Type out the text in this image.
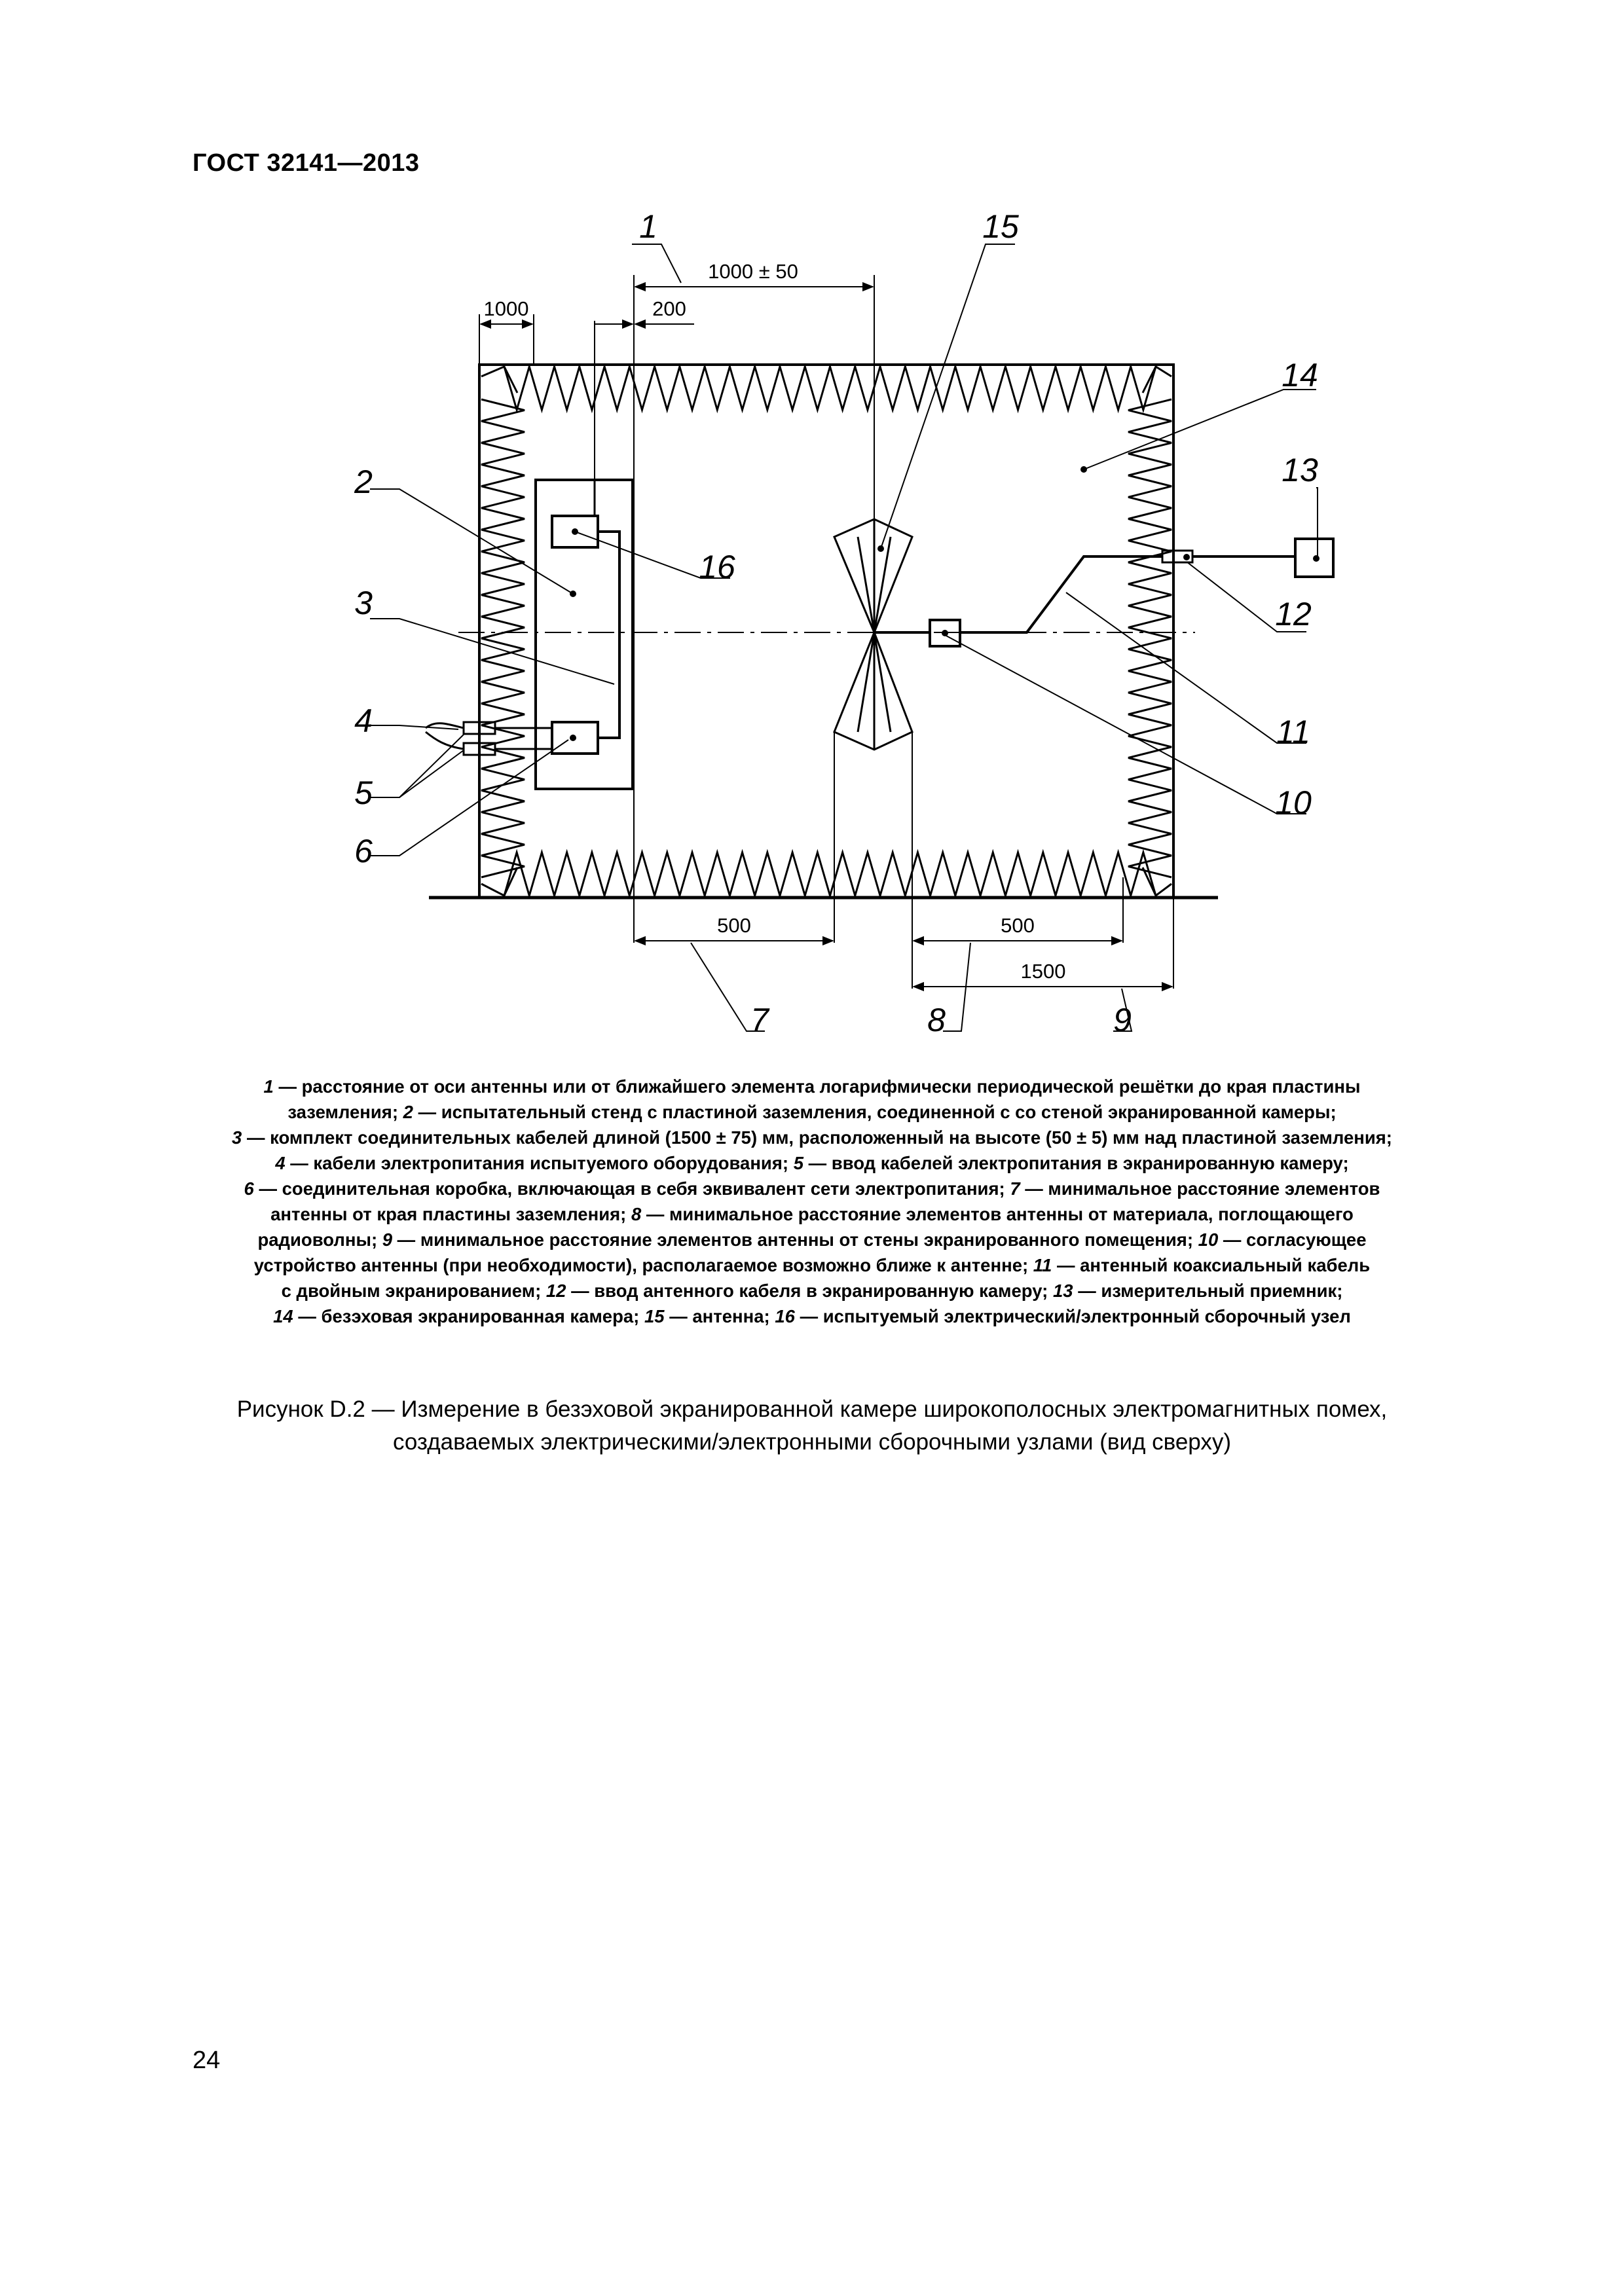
ГОСТ 32141—2013
1000 ± 50
1000	200
500	500
1500
1
2
3
4
5
6
7	8	9
10
11
12
13
14
15
16
1 — расстояние от оси антенны или от ближайшего элемента логарифмически периодической решётки до края пластины
заземления; 2 — испытательный стенд с пластиной заземления, соединенной с со стеной экранированной камеры;
3 — комплект соединительных кабелей длиной (1500 ± 75) мм, расположенный на высоте (50 ± 5) мм над пластиной заземления;
4 — кабели электропитания испытуемого оборудования; 5 — ввод кабелей электропитания в экранированную камеру;
6 — соединительная коробка, включающая в себя эквивалент сети электропитания; 7 — минимальное расстояние элементов
антенны от края пластины заземления; 8 — минимальное расстояние элементов антенны от материала, поглощающего
радиоволны; 9 — минимальное расстояние элементов антенны от стены экранированного помещения; 10 — согласующее
устройство антенны (при необходимости), располагаемое возможно ближе к антенне; 11 — антенный коаксиальный кабель
с двойным экранированием; 12 — ввод антенного кабеля в экранированную камеру; 13 — измерительный приемник;
14 — безэховая экранированная камера; 15 — антенна; 16 — испытуемый электрический/электронный сборочный узел
Рисунок D.2 — Измерение в безэховой экранированной камере широкополосных электромагнитных помех,
создаваемых электрическими/электронными сборочными узлами (вид сверху)
24
